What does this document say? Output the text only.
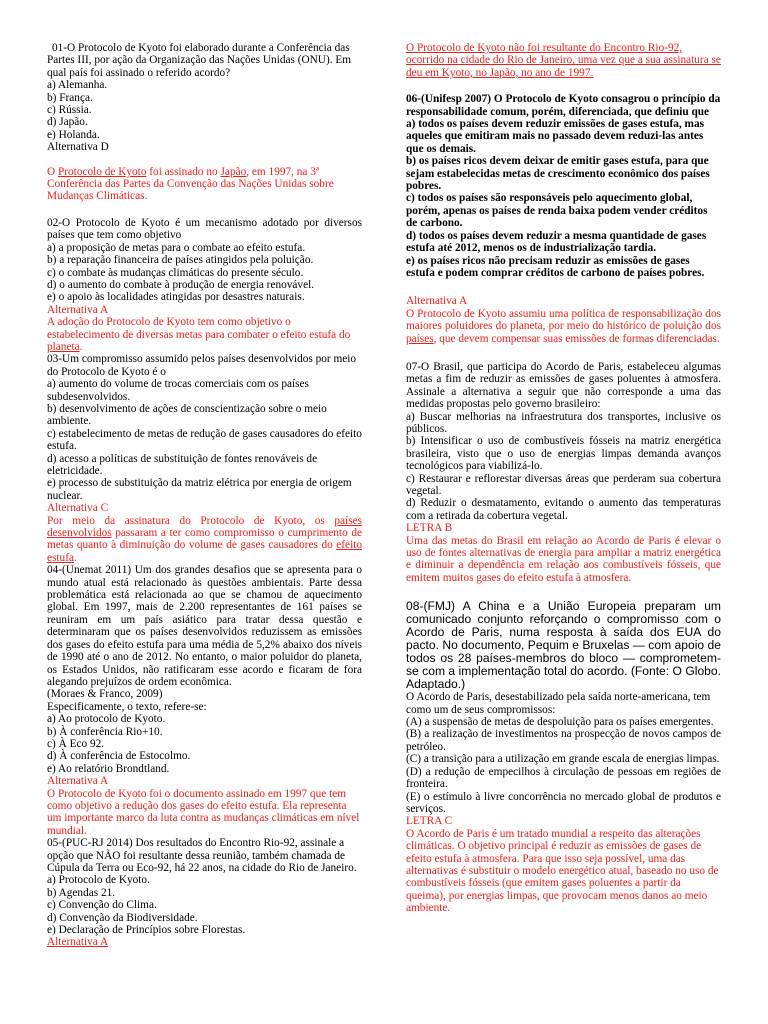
01-O Protocolo de Kyoto foi elaborado durante a Conferência das Partes III, por ação da Organização das Nações Unidas (ONU). Em qual país foi assinado o referido acordo?

a) Alemanha.

b) França.

c) Rússia.

d) Japão.

e) Holanda.

Alternativa D

O Protocolo de Kyoto foi assinado no Japão, em 1997, na 3ª Conferência das Partes da Convenção das Nações Unidas sobre Mudanças Climáticas.

02-O Protocolo de Kyoto é um mecanismo adotado por diversos países que tem como objetivo

a) a proposição de metas para o combate ao efeito estufa.

b) a reparação financeira de países atingidos pela poluição.

c) o combate às mudanças climáticas do presente século.

d) o aumento do combate à produção de energia renovável.

e) o apoio às localidades atingidas por desastres naturais.

Alternativa A

A adoção do Protocolo de Kyoto tem como objetivo o estabelecimento de diversas metas para combater o efeito estufa do planeta.

03-Um compromisso assumido pelos países desenvolvidos por meio do Protocolo de Kyoto é o

a) aumento do volume de trocas comerciais com os países subdesenvolvidos.

b) desenvolvimento de ações de conscientização sobre o meio ambiente.

c) estabelecimento de metas de redução de gases causadores do efeito estufa.

d) acesso a políticas de substituição de fontes renováveis de eletricidade.

e) processo de substituição da matriz elétrica por energia de origem nuclear.

Alternativa C

Por meio da assinatura do Protocolo de Kyoto, os países desenvolvidos passaram a ter como compromisso o cumprimento de metas quanto à diminuição do volume de gases causadores do efeito estufa.

04-(Unemat 2011) Um dos grandes desafios que se apresenta para o mundo atual está relacionado às questões ambientais. Parte dessa problemática está relacionada ao que se chamou de aquecimento global. Em 1997, mais de 2.200 representantes de 161 países se reuniram em um país asiático para tratar dessa questão e determinaram que os países desenvolvidos reduzissem as emissões dos gases do efeito estufa para uma média de 5,2% abaixo dos níveis de 1990 até o ano de 2012. No entanto, o maior poluidor do planeta, os Estados Unidos, não ratificaram esse acordo e ficaram de fora alegando prejuízos de ordem econômica.

(Moraes & Franco, 2009)

Especificamente, o texto, refere-se:

a) Ao protocolo de Kyoto.

b) À conferência Rio+10.

c) À Eco 92.

d) À conferência de Estocolmo.

e) Ao relatório Brondtland.

Alternativa A

O Protocolo de Kyoto foi o documento assinado em 1997 que tem como objetivo a redução dos gases do efeito estufa. Ela representa um importante marco da luta contra as mudanças climáticas em nível mundial.

05-(PUC-RJ 2014) Dos resultados do Encontro Rio-92, assinale a opção que NÃO foi resultante dessa reunião, também chamada de Cúpula da Terra ou Eco-92, há 22 anos, na cidade do Rio de Janeiro.

a) Protocolo de Kyoto.

b) Agendas 21.

c) Convenção do Clima.

d) Convenção da Biodiversidade.

e) Declaração de Princípios sobre Florestas.

Alternativa A

O Protocolo de Kyoto não foi resultante do Encontro Rio-92, ocorrido na cidade do Rio de Janeiro, uma vez que a sua assinatura se deu em Kyoto, no Japão, no ano de 1997.

06-(Unifesp 2007) O Protocolo de Kyoto consagrou o princípio da responsabilidade comum, porém, diferenciada, que definiu que

a) todos os países devem reduzir emissões de gases estufa, mas aqueles que emitiram mais no passado devem reduzi-las antes que os demais.

b) os países ricos devem deixar de emitir gases estufa, para que sejam estabelecidas metas de crescimento econômico dos países pobres.

c) todos os países são responsáveis pelo aquecimento global, porém, apenas os países de renda baixa podem vender créditos de carbono.

d) todos os países devem reduzir a mesma quantidade de gases estufa até 2012, menos os de industrialização tardia.

e) os países ricos não precisam reduzir as emissões de gases estufa e podem comprar créditos de carbono de países pobres.

Alternativa A

O Protocolo de Kyoto assumiu uma política de responsabilização dos maiores poluidores do planeta, por meio do histórico de poluição dos países, que devem compensar suas emissões de formas diferenciadas.

07-O Brasil, que participa do Acordo de Paris, estabeleceu algumas metas a fim de reduzir as emissões de gases poluentes à atmosfera. Assinale a alternativa a seguir que não corresponde a uma das medidas propostas pelo governo brasileiro:

a) Buscar melhorias na infraestrutura dos transportes, inclusive os públicos.

b) Intensificar o uso de combustíveis fósseis na matriz energética brasileira, visto que o uso de energias limpas demanda avanços tecnológicos para viabilizá-lo.

c) Restaurar e reflorestar diversas áreas que perderam sua cobertura vegetal.

d) Reduzir o desmatamento, evitando o aumento das temperaturas com a retirada da cobertura vegetal.

LETRA B

Uma das metas do Brasil em relação ao Acordo de Paris é elevar o uso de fontes alternativas de energia para ampliar a matriz energética e diminuir a dependência em relação aos combustíveis fósseis, que emitem muitos gases do efeito estufa à atmosfera.

08-(FMJ) A China e a União Europeia preparam um comunicado conjunto reforçando o compromisso com o Acordo de Paris, numa resposta à saída dos EUA do pacto. No documento, Pequim e Bruxelas — com apoio de todos os 28 países-membros do bloco — comprometem-se com a implementação total do acordo. (Fonte: O Globo. Adaptado.)

O Acordo de Paris, desestabilizado pela saída norte-americana, tem como um de seus compromissos:

(A) a suspensão de metas de despoluição para os países emergentes.

(B) a realização de investimentos na prospecção de novos campos de petróleo.

(C) a transição para a utilização em grande escala de energias limpas.

(D) a redução de empecilhos à circulação de pessoas em regiões de fronteira.

(E) o estímulo à livre concorrência no mercado global de produtos e serviços.

LETRA C

O Acordo de Paris é um tratado mundial a respeito das alterações climáticas. O objetivo principal é reduzir as emissões de gases de efeito estufa à atmosfera. Para que isso seja possível, uma das alternativas é substituir o modelo energético atual, baseado no uso de combustíveis fósseis (que emitem gases poluentes a partir da queima), por energias limpas, que provocam menos danos ao meio ambiente.
